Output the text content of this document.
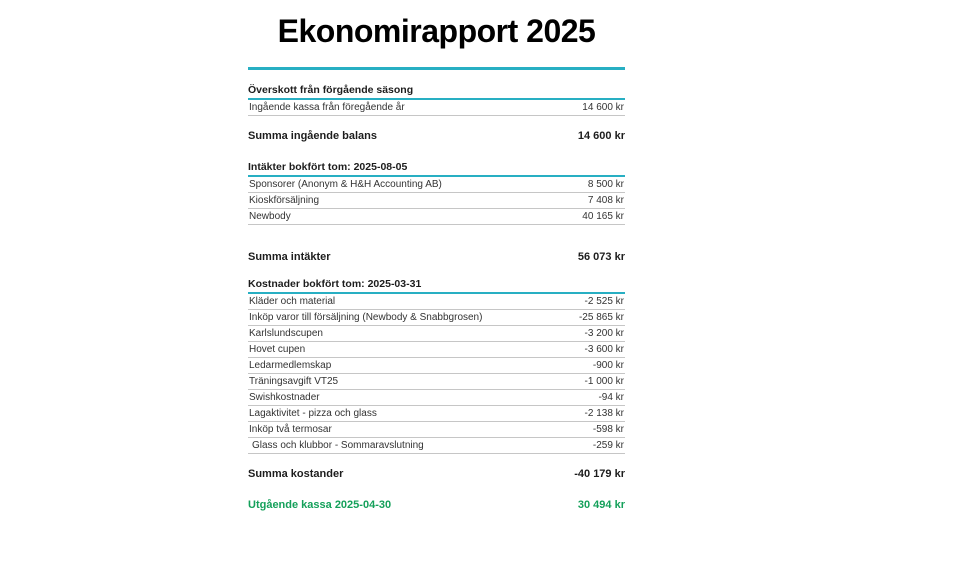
Ekonomirapport 2025
Överskott från förgående säsong
Ingående kassa från föregående år	14 600 kr
Summa ingående balans	14 600 kr
Intäkter bokfört tom: 2025-08-05
Sponsorer (Anonym & H&H Accounting AB)	8 500 kr
Kioskförsäljning	7 408 kr
Newbody	40 165 kr
Summa intäkter	56 073 kr
Kostnader bokfört tom: 2025-03-31
Kläder och material	-2 525 kr
Inköp varor till försäljning (Newbody & Snabbgrosen)	-25 865 kr
Karlslundscupen	-3 200 kr
Hovet cupen	-3 600 kr
Ledarmedlemskap	-900 kr
Träningsavgift VT25	-1 000 kr
Swishkostnader	-94 kr
Lagaktivitet - pizza och glass	-2 138 kr
Inköp två termosar	-598 kr
Glass och klubbor - Sommaravslutning	-259 kr
Summa kostander	-40 179 kr
Utgående kassa 2025-04-30	30 494 kr
